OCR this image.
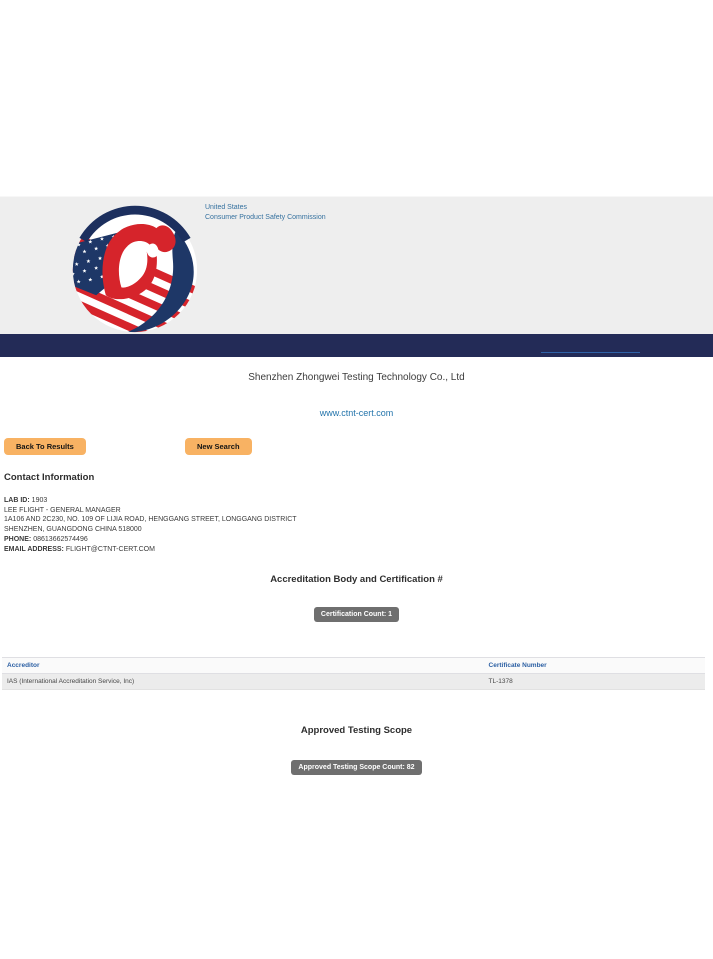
United States
Consumer Product Safety Commission
Shenzhen Zhongwei Testing Technology Co., Ltd
www.ctnt-cert.com
Back To Results	New Search
Contact Information
LAB ID: 1903
LEE FLIGHT - GENERAL MANAGER
1A106 AND 2C230, NO. 109 OF LIJIA ROAD, HENGGANG STREET, LONGGANG DISTRICT
SHENZHEN, GUANGDONG CHINA 518000
PHONE: 08613662574496
EMAIL ADDRESS: FLIGHT@CTNT-CERT.COM
Accreditation Body and Certification #
Certification Count: 1
Accreditor	Certificate Number
IAS (International Accreditation Service, Inc)	TL-1378
Approved Testing Scope
Approved Testing Scope Count: 82
